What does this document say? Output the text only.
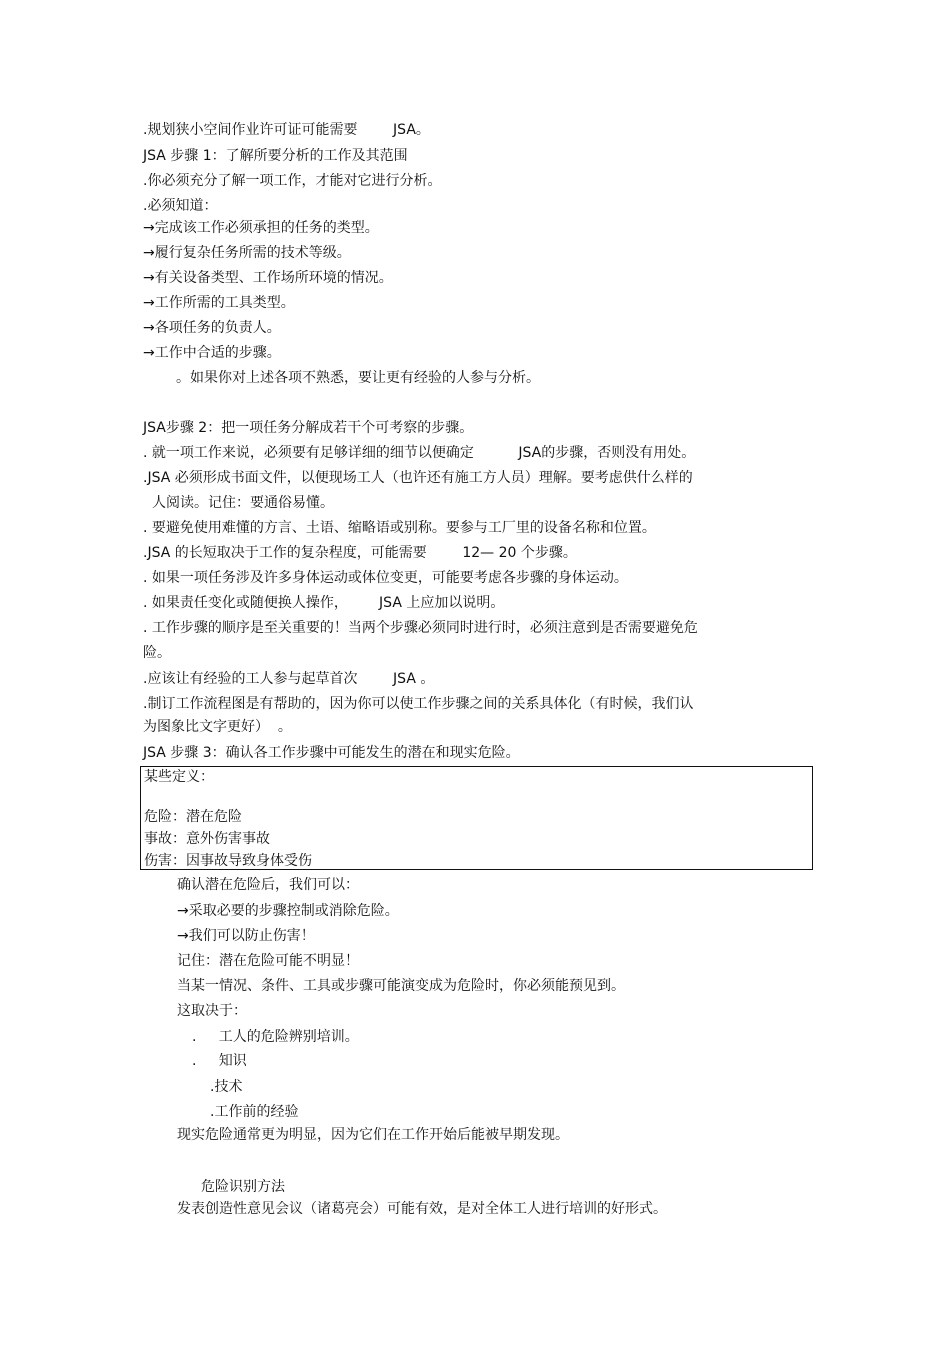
.规划狭小空间作业许可证可能需要        JSA。
JSA 步骤 1：了解所要分析的工作及其范围
.你必须充分了解一项工作，才能对它进行分析。
.必须知道：
→完成该工作必须承担的任务的类型。
→履行复杂任务所需的技术等级。
→有关设备类型、工作场所环境的情况。
→工作所需的工具类型。
→各项任务的负责人。
→工作中合适的步骤。
。如果你对上述各项不熟悉，要让更有经验的人参与分析。
JSA步骤 2：把一项任务分解成若干个可考察的步骤。
. 就一项工作来说，必须要有足够详细的细节以便确定          JSA的步骤，否则没有用处。
.JSA 必须形成书面文件，以便现场工人（也许还有施工方人员）理解。要考虑供什么样的
人阅读。记住：要通俗易懂。
. 要避免使用难懂的方言、土语、缩略语或别称。要参与工厂里的设备名称和位置。
.JSA 的长短取决于工作的复杂程度，可能需要        12— 20 个步骤。
. 如果一项任务涉及许多身体运动或体位变更，可能要考虑各步骤的身体运动。
. 如果责任变化或随便换人操作，       JSA 上应加以说明。
. 工作步骤的顺序是至关重要的！当两个步骤必须同时进行时，必须注意到是否需要避免危
险。
.应该让有经验的工人参与起草首次        JSA 。
.制订工作流程图是有帮助的，因为你可以使工作步骤之间的关系具体化（有时候，我们认
为图象比文字更好）  。
JSA 步骤 3：确认各工作步骤中可能发生的潜在和现实危险。
某些定义：
危险：潜在危险
事故：意外伤害事故
伤害：因事故导致身体受伤
确认潜在危险后，我们可以：
→采取必要的步骤控制或消除危险。
→我们可以防止伤害！
记住：潜在危险可能不明显！
当某一情况、条件、工具或步骤可能演变成为危险时，你必须能预见到。
这取决于：
.     工人的危险辨别培训。
.     知识
.技术
.工作前的经验
现实危险通常更为明显，因为它们在工作开始后能被早期发现。
危险识别方法
发表创造性意见会议（诸葛亮会）可能有效，是对全体工人进行培训的好形式。
